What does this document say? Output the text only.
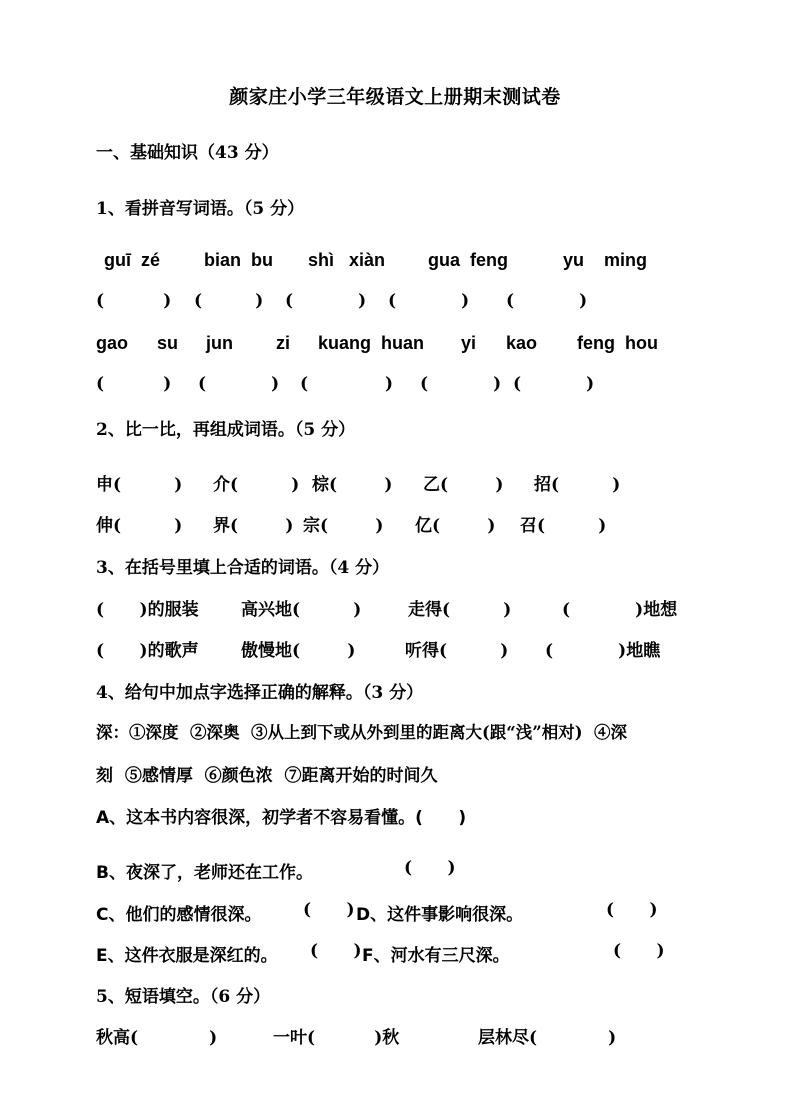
颜家庄小学三年级语文上册期末测试卷
一、基础知识（43 分）
1、看拼音写词语。（5 分）
guī  zé bian  bu shì   xiàn gua  feng	yu    ming
(          ) (         ) (           ) (           ) (           )
gao su jun zi kuang  huan yi kao feng  hou
(          ) (           ) (             ) (           ) (           )
2、比一比，再组成词语。（5 分）
申(         ) 介(         ) 棕(        ) 乙(        ) 招(         )
伸(         ) 界(        ) 宗(        ) 亿(        ) 召(         )
3、在括号里填上合适的词语。（4 分）
(      )的服装 高兴地(         )	走得(         )	(           )地想
(      )的歌声 傲慢地(        )	听得(         ) (           )地瞧
4、给句中加点字选择正确的解释。（3 分）
深：①深度  ②深奥  ③从上到下或从外到里的距离大(跟“浅”相对)  ④深
刻  ⑤感情厚  ⑥颜色浓  ⑦距离开始的时间久
A、这本书内容很深，初学者不容易看懂。(      )
B、夜深了，老师还在工作。	(      )
C、他们的感情很深。 (      ) D、这件事影响很深。	(      )
E、这件衣服是深红的。 (      ) F、河水有三尺深。	(      )
5、短语填空。（6 分）
秋高(            )	一叶(          )秋	层林尽(            )
